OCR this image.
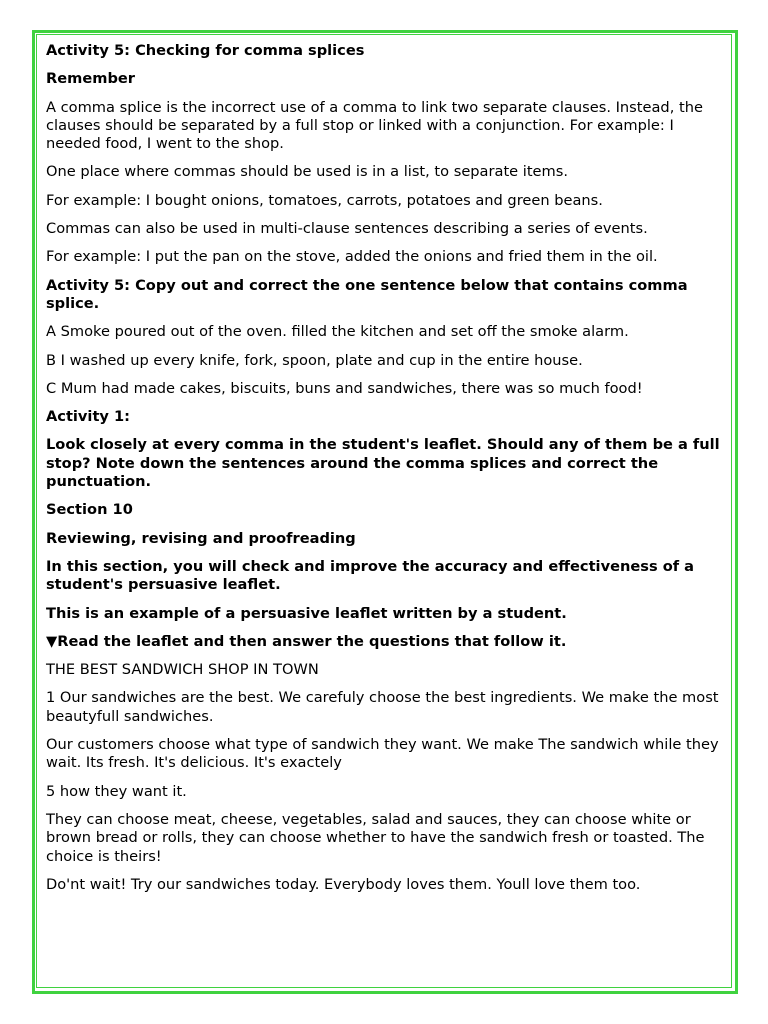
Activity 5: Checking for comma splices

Remember

A comma splice is the incorrect use of a comma to link two separate clauses. Instead, the clauses should be separated by a full stop or linked with a conjunction. For example: I needed food, I went to the shop.

One place where commas should be used is in a list, to separate items.

For example: I bought onions, tomatoes, carrots, potatoes and green beans.

Commas can also be used in multi-clause sentences describing a series of events.

For example: I put the pan on the stove, added the onions and fried them in the oil.

Activity 5: Copy out and correct the one sentence below that contains comma splice.

A Smoke poured out of the oven. filled the kitchen and set off the smoke alarm.

B I washed up every knife, fork, spoon, plate and cup in the entire house.

C Mum had made cakes, biscuits, buns and sandwiches, there was so much food!

Activity 1:

Look closely at every comma in the student's leaflet. Should any of them be a full stop? Note down the sentences around the comma splices and correct the punctuation.

Section 10

Reviewing, revising and proofreading

In this section, you will check and improve the accuracy and effectiveness of a student's persuasive leaflet.

This is an example of a persuasive leaflet written by a student.

▼Read the leaflet and then answer the questions that follow it.

THE BEST SANDWICH SHOP IN TOWN

1 Our sandwiches are the best. We carefuly choose the best ingredients. We make the most beautyfull sandwiches.

Our customers choose what type of sandwich they want. We make The sandwich while they wait. Its fresh. It's delicious. It's exactely

5 how they want it.

They can choose meat, cheese, vegetables, salad and sauces, they can choose white or brown bread or rolls, they can choose whether to have the sandwich fresh or toasted. The choice is theirs!

Do'nt wait! Try our sandwiches today. Everybody loves them. Youll love them too.
